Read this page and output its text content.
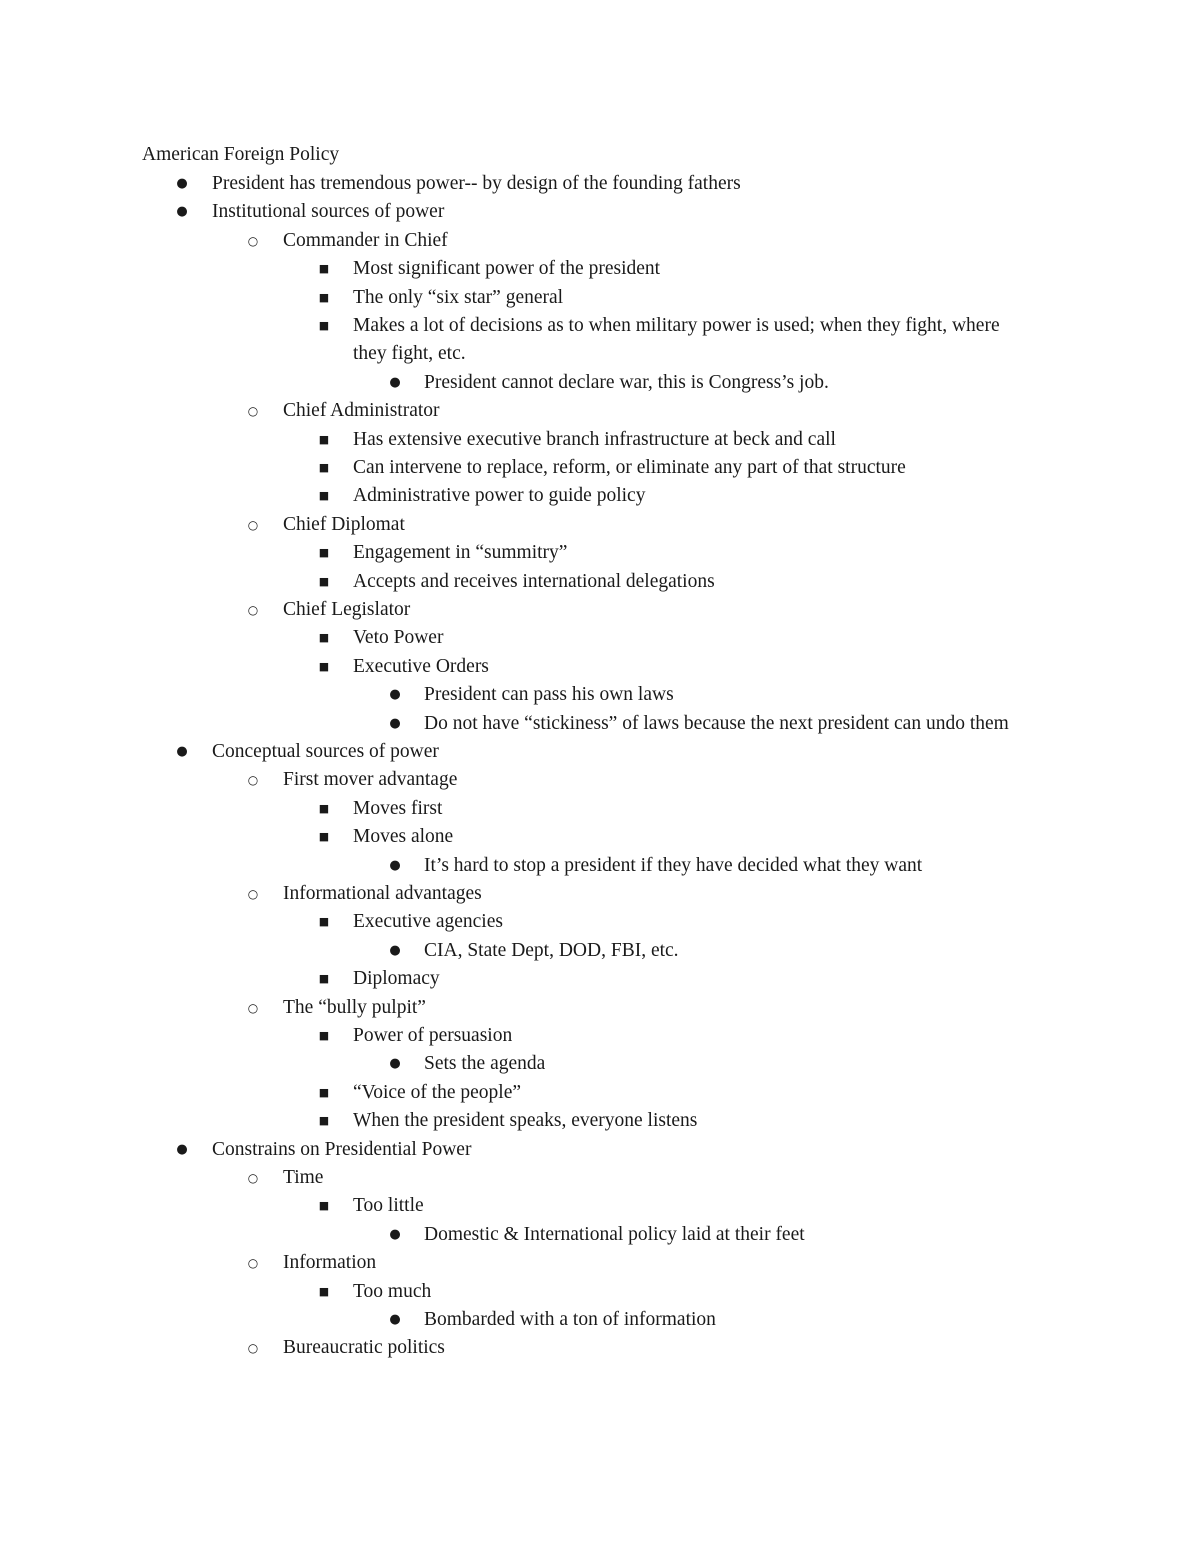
American Foreign Policy
● President has tremendous power-- by design of the founding fathers
● Institutional sources of power
○ Commander in Chief
■ Most significant power of the president
■ The only “six star” general
■ Makes a lot of decisions as to when military power is used; when they fight, where they fight, etc.
● President cannot declare war, this is Congress’s job.
○ Chief Administrator
■ Has extensive executive branch infrastructure at beck and call
■ Can intervene to replace, reform, or eliminate any part of that structure
■ Administrative power to guide policy
○ Chief Diplomat
■ Engagement in “summitry”
■ Accepts and receives international delegations
○ Chief Legislator
■ Veto Power
■ Executive Orders
● President can pass his own laws
● Do not have “stickiness” of laws because the next president can undo them
● Conceptual sources of power
○ First mover advantage
■ Moves first
■ Moves alone
● It’s hard to stop a president if they have decided what they want
○ Informational advantages
■ Executive agencies
● CIA, State Dept, DOD, FBI, etc.
■ Diplomacy
○ The “bully pulpit”
■ Power of persuasion
● Sets the agenda
■ “Voice of the people”
■ When the president speaks, everyone listens
● Constrains on Presidential Power
○ Time
■ Too little
● Domestic & International policy laid at their feet
○ Information
■ Too much
● Bombarded with a ton of information
○ Bureaucratic politics
